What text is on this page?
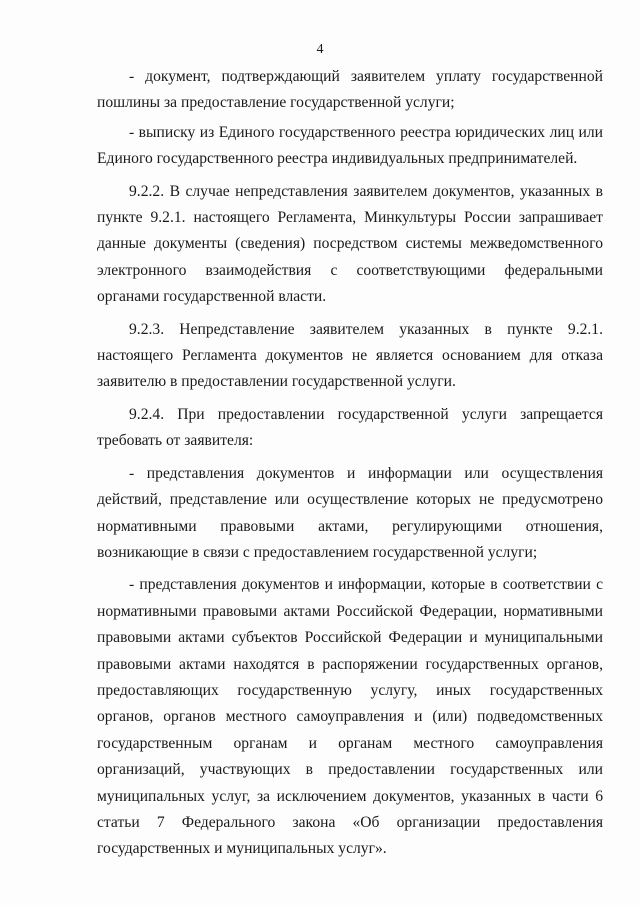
4

- документ, подтверждающий заявителем уплату государственной пошлины за предоставление государственной услуги;

- выписку из Единого государственного реестра юридических лиц или Единого государственного реестра индивидуальных предпринимателей.

9.2.2. В случае непредставления заявителем документов, указанных в пункте 9.2.1. настоящего Регламента, Минкультуры России запрашивает данные документы (сведения) посредством системы межведомственного электронного взаимодействия с соответствующими федеральными органами государственной власти.

9.2.3. Непредставление заявителем указанных в пункте 9.2.1. настоящего Регламента документов не является основанием для отказа заявителю в предоставлении государственной услуги.

9.2.4. При предоставлении государственной услуги запрещается требовать от заявителя:

- представления документов и информации или осуществления действий, представление или осуществление которых не предусмотрено нормативными правовыми актами, регулирующими отношения, возникающие в связи с предоставлением государственной услуги;

- представления документов и информации, которые в соответствии с нормативными правовыми актами Российской Федерации, нормативными правовыми актами субъектов Российской Федерации и муниципальными правовыми актами находятся в распоряжении государственных органов, предоставляющих государственную услугу, иных государственных органов, органов местного самоуправления и (или) подведомственных государственным органам и органам местного самоуправления организаций, участвующих в предоставлении государственных или муниципальных услуг, за исключением документов, указанных в части 6 статьи 7 Федерального закона «Об организации предоставления государственных и муниципальных услуг».
